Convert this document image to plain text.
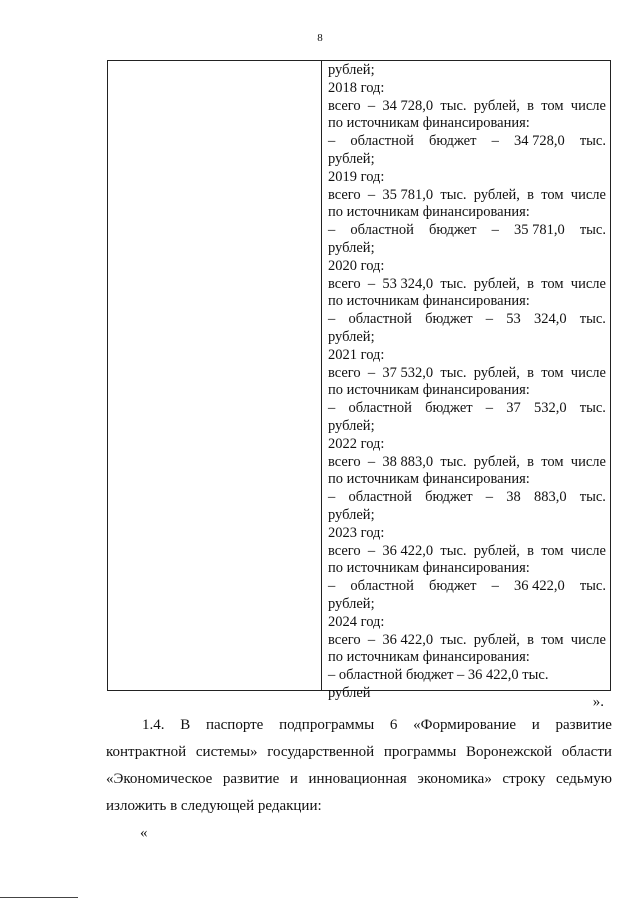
8
рублей;
2018 год:
всего – 34 728,0 тыс. рублей, в том числе
по источникам финансирования:
– областной бюджет – 34 728,0 тыс.
рублей;
2019 год:
всего – 35 781,0 тыс. рублей, в том числе
по источникам финансирования:
– областной бюджет – 35 781,0 тыс.
рублей;
2020 год:
всего – 53 324,0 тыс. рублей, в том числе
по источникам финансирования:
– областной бюджет – 53 324,0 тыс.
рублей;
2021 год:
всего – 37 532,0 тыс. рублей, в том числе
по источникам финансирования:
– областной бюджет – 37 532,0 тыс.
рублей;
2022 год:
всего – 38 883,0 тыс. рублей, в том числе
по источникам финансирования:
– областной бюджет – 38 883,0 тыс.
рублей;
2023 год:
всего – 36 422,0 тыс. рублей, в том числе
по источникам финансирования:
– областной бюджет – 36 422,0 тыс.
рублей;
2024 год:
всего – 36 422,0 тыс. рублей, в том числе
по источникам финансирования:
– областной бюджет – 36 422,0 тыс.
рублей
».
1.4. В паспорте подпрограммы 6 «Формирование и развитие
контрактной системы» государственной программы Воронежской области
«Экономическое развитие и инновационная экономика» строку седьмую
изложить в следующей редакции:
«
